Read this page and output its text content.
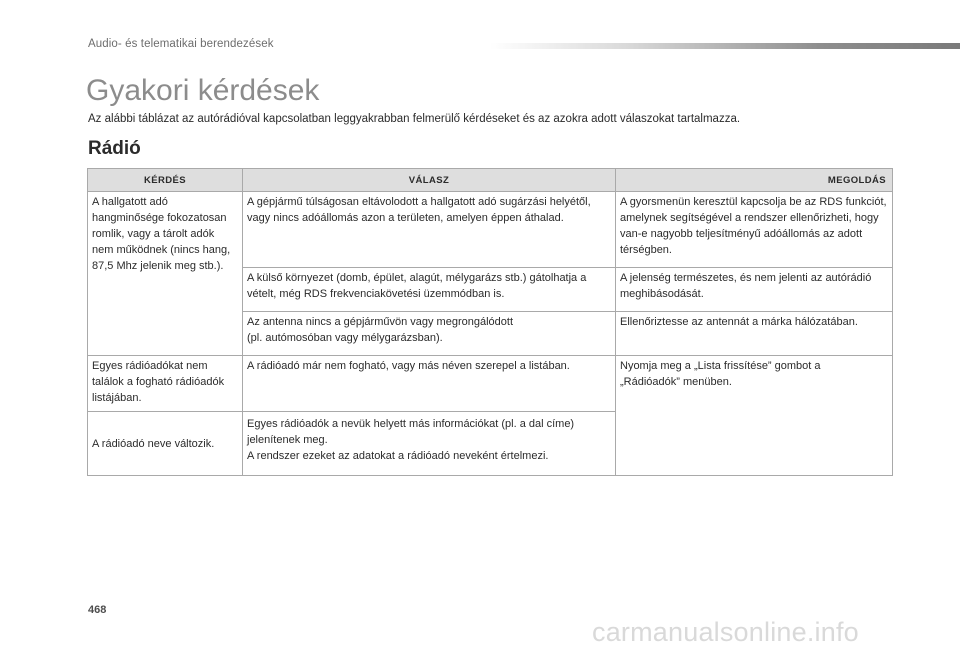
Audio- és telematikai berendezések
Gyakori kérdések
Az alábbi táblázat az autórádióval kapcsolatban leggyakrabban felmerülő kérdéseket és az azokra adott válaszokat tartalmazza.
Rádió
KÉRDÉS	VÁLASZ	MEGOLDÁS
A hallgatott adó hangminősége fokozatosan romlik, vagy a tárolt adók nem működnek (nincs hang, 87,5 Mhz jelenik meg stb.).	A gépjármű túlságosan eltávolodott a hallgatott adó sugárzási helyétől, vagy nincs adóállomás azon a területen, amelyen éppen áthalad.	A gyorsmenün keresztül kapcsolja be az RDS funkciót, amelynek segítségével a rendszer ellenőrizheti, hogy van-e nagyobb teljesítményű adóállomás az adott térségben.
	A külső környezet (domb, épület, alagút, mélygarázs stb.) gátolhatja a vételt, még RDS frekvenciakövetési üzemmódban is.	A jelenség természetes, és nem jelenti az autórádió meghibásodását.

	Az antenna nincs a gépjárművön vagy megrongálódott
(pl. autómosóban vagy mélygarázsban).	Ellenőriztesse az antennát a márka hálózatában.
Egyes rádióadókat nem találok a fogható rádióadók listájában.	A rádióadó már nem fogható, vagy más néven szerepel a listában.	Nyomja meg a „Lista frissítése” gombot a
„Rádióadók” menüben.

A rádióadó neve változik.	Egyes rádióadók a nevük helyett más információkat (pl. a dal címe) jelenítenek meg.
A rendszer ezeket az adatokat a rádióadó neveként értelmezi.	
468
carmanualsonline.info
